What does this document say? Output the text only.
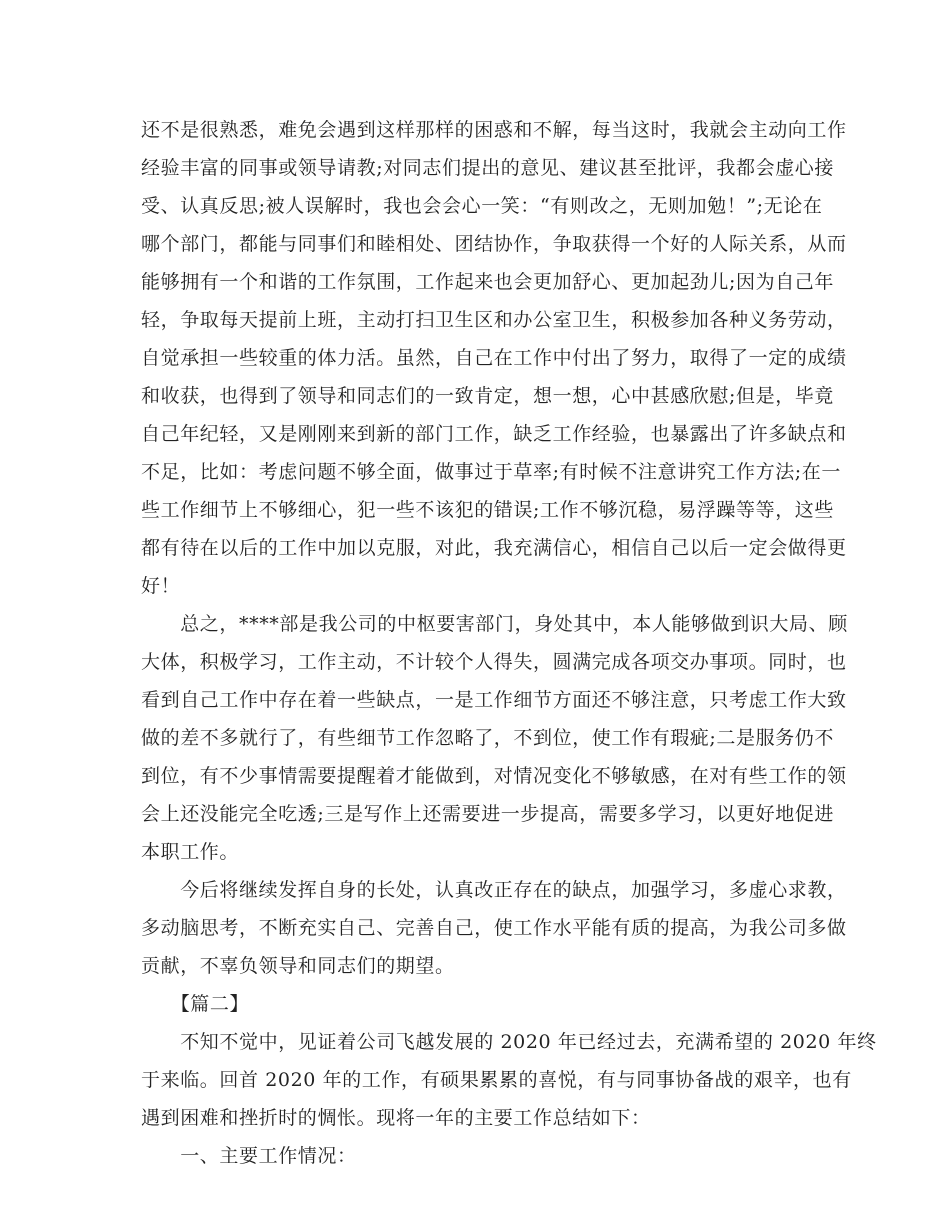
还不是很熟悉，难免会遇到这样那样的困惑和不解，每当这时，我就会主动向工作
经验丰富的同事或领导请教;对同志们提出的意见、建议甚至批评，我都会虚心接
受、认真反思;被人误解时，我也会会心一笑：“有则改之，无则加勉！”;无论在
哪个部门，都能与同事们和睦相处、团结协作，争取获得一个好的人际关系，从而
能够拥有一个和谐的工作氛围，工作起来也会更加舒心、更加起劲儿;因为自己年
轻，争取每天提前上班，主动打扫卫生区和办公室卫生，积极参加各种义务劳动，
自觉承担一些较重的体力活。虽然，自己在工作中付出了努力，取得了一定的成绩
和收获，也得到了领导和同志们的一致肯定，想一想，心中甚感欣慰;但是，毕竟
自己年纪轻，又是刚刚来到新的部门工作，缺乏工作经验，也暴露出了许多缺点和
不足，比如：考虑问题不够全面，做事过于草率;有时候不注意讲究工作方法;在一
些工作细节上不够细心，犯一些不该犯的错误;工作不够沉稳，易浮躁等等，这些
都有待在以后的工作中加以克服，对此，我充满信心，相信自己以后一定会做得更
好！
　　总之，****部是我公司的中枢要害部门，身处其中，本人能够做到识大局、顾
大体，积极学习，工作主动，不计较个人得失，圆满完成各项交办事项。同时，也
看到自己工作中存在着一些缺点，一是工作细节方面还不够注意，只考虑工作大致
做的差不多就行了，有些细节工作忽略了，不到位，使工作有瑕疵;二是服务仍不
到位，有不少事情需要提醒着才能做到，对情况变化不够敏感，在对有些工作的领
会上还没能完全吃透;三是写作上还需要进一步提高，需要多学习，以更好地促进
本职工作。
　　今后将继续发挥自身的长处，认真改正存在的缺点，加强学习，多虚心求教，
多动脑思考，不断充实自己、完善自己，使工作水平能有质的提高，为我公司多做
贡献，不辜负领导和同志们的期望。
　　【篇二】
　　不知不觉中，见证着公司飞越发展的 2020 年已经过去，充满希望的 2020 年终
于来临。回首 2020 年的工作，有硕果累累的喜悦，有与同事协备战的艰辛，也有
遇到困难和挫折时的惆怅。现将一年的主要工作总结如下：
　　一、主要工作情况：
